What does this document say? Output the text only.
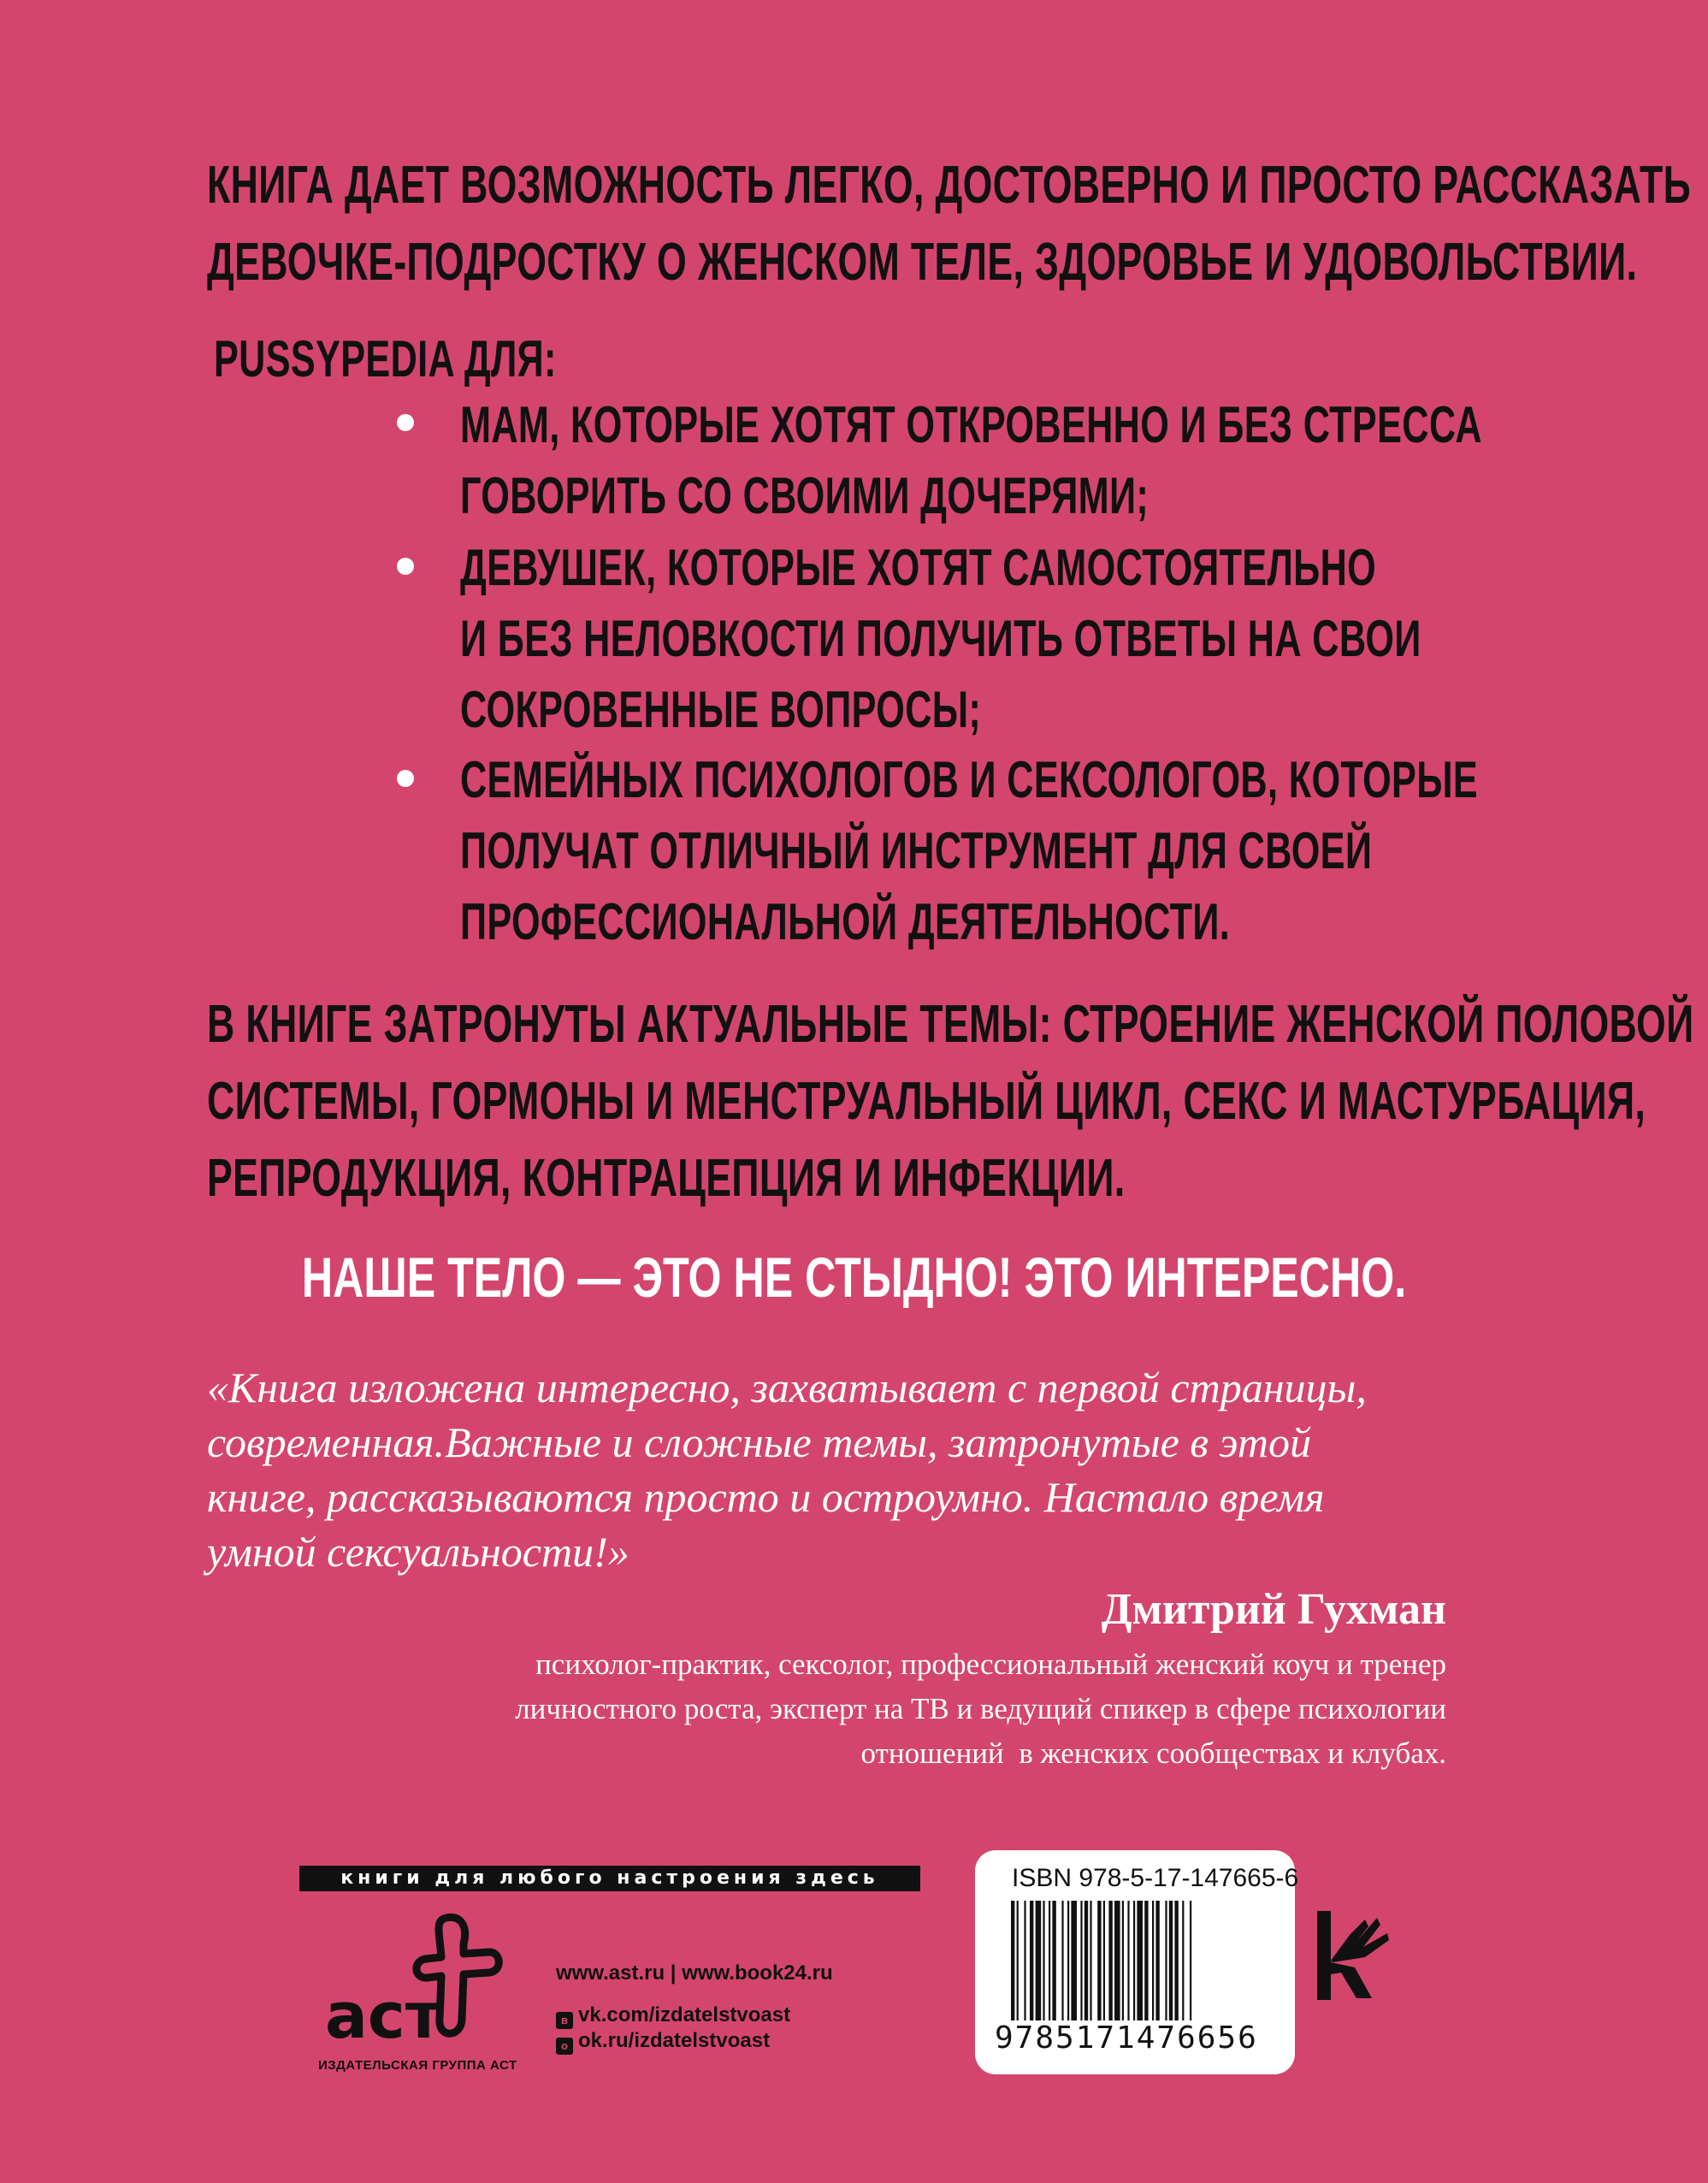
КНИГА ДАЕТ ВОЗМОЖНОСТЬ ЛЕГКО, ДОСТОВЕРНО И ПРОСТО РАССКАЗАТЬ
ДЕВОЧКЕ-ПОДРОСТКУ О ЖЕНСКОМ ТЕЛЕ, ЗДОРОВЬЕ И УДОВОЛЬСТВИИ.
PUSSYPEDIA ДЛЯ:
МАМ, КОТОРЫЕ ХОТЯТ ОТКРОВЕННО И БЕЗ СТРЕССА
ГОВОРИТЬ СО СВОИМИ ДОЧЕРЯМИ;
ДЕВУШЕК, КОТОРЫЕ ХОТЯТ САМОСТОЯТЕЛЬНО
И БЕЗ НЕЛОВКОСТИ ПОЛУЧИТЬ ОТВЕТЫ НА СВОИ
СОКРОВЕННЫЕ ВОПРОСЫ;
СЕМЕЙНЫХ ПСИХОЛОГОВ И СЕКСОЛОГОВ, КОТОРЫЕ
ПОЛУЧАТ ОТЛИЧНЫЙ ИНСТРУМЕНТ ДЛЯ СВОЕЙ
ПРОФЕССИОНАЛЬНОЙ ДЕЯТЕЛЬНОСТИ.
В КНИГЕ ЗАТРОНУТЫ АКТУАЛЬНЫЕ ТЕМЫ: СТРОЕНИЕ ЖЕНСКОЙ ПОЛОВОЙ
СИСТЕМЫ, ГОРМОНЫ И МЕНСТРУАЛЬНЫЙ ЦИКЛ, СЕКС И МАСТУРБАЦИЯ,
РЕПРОДУКЦИЯ, КОНТРАЦЕПЦИЯ И ИНФЕКЦИИ.
НАШЕ ТЕЛО — ЭТО НЕ СТЫДНО! ЭТО ИНТЕРЕСНО.
«Книга изложена интересно, захватывает с первой страницы,
современная.Важные и сложные темы, затронутые в этой
книге, рассказываются просто и остроумно. Настало время
умной сексуальности!»
Дмитрий Гухман
психолог-практик, сексолог, профессиональный женский коуч и тренер
личностного роста, эксперт на ТВ и ведущий спикер в сфере психологии
отношений  в женских сообществах и клубах.
книги для любого настроения здесь
аст
ИЗДАТЕЛЬСКАЯ ГРУППА АСТ
www.ast.ru | www.book24.ru
в vk.com/izdatelstvoast
о ok.ru/izdatelstvoast
ISBN 978-5-17-147665-6
9785171476656
